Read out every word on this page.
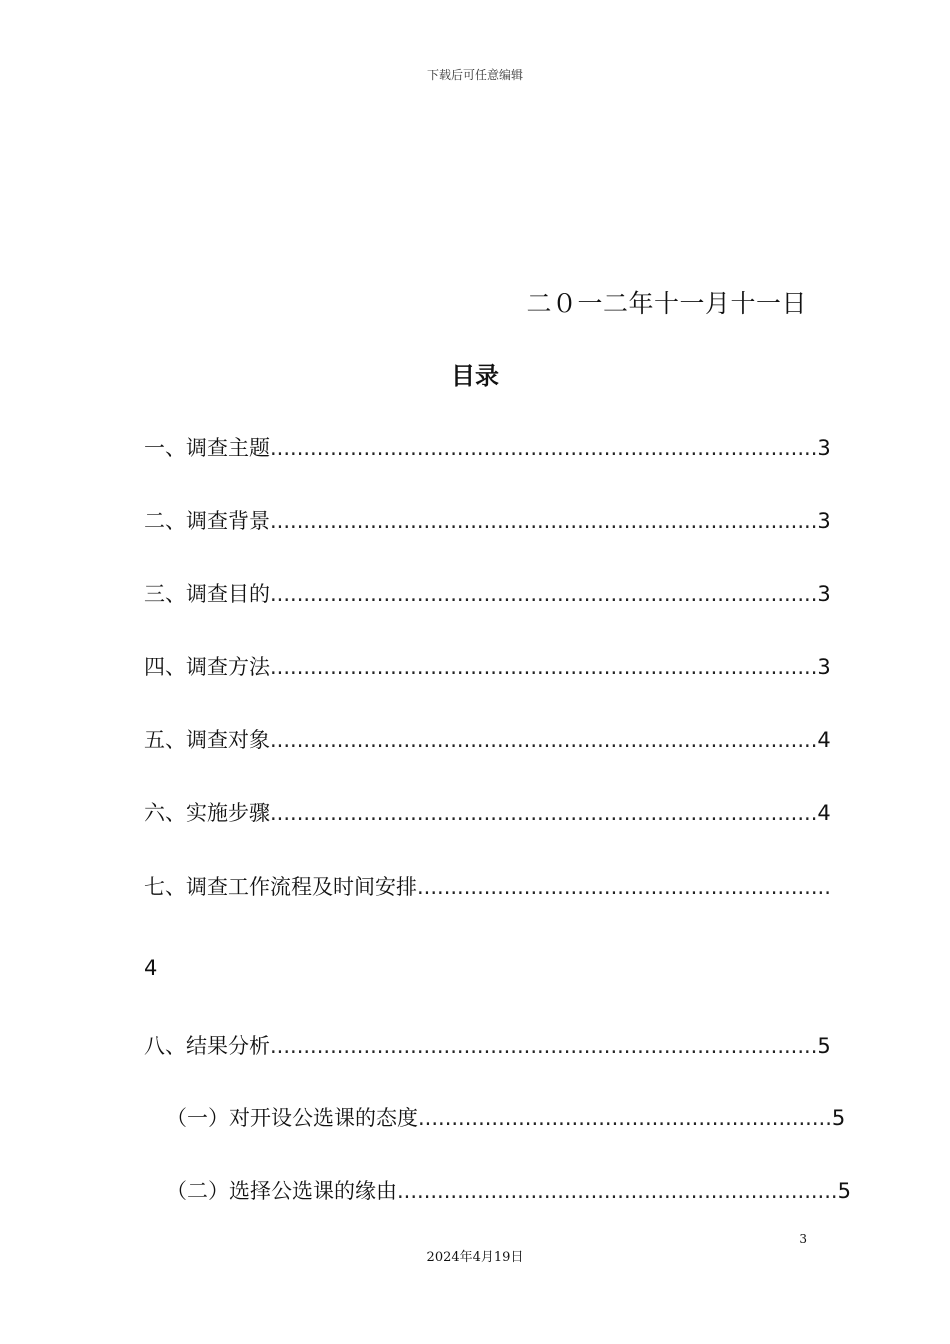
下载后可任意编辑
二０一二年十一月十一日
目录
一、调查主题 .................................................................................. 3
二、调查背景 .................................................................................. 3
三、调查目的 .................................................................................. 3
四、调查方法 .................................................................................. 3
五、调查对象 .................................................................................. 4
六、实施步骤 .................................................................................. 4
七、调查工作流程及时间安排 ..............................................................
4
八、结果分析 .................................................................................. 5
（一）对开设公选课的态度 .............................................................. 5
（二）选择公选课的缘由 .................................................................. 5
3
2024年4月19日
